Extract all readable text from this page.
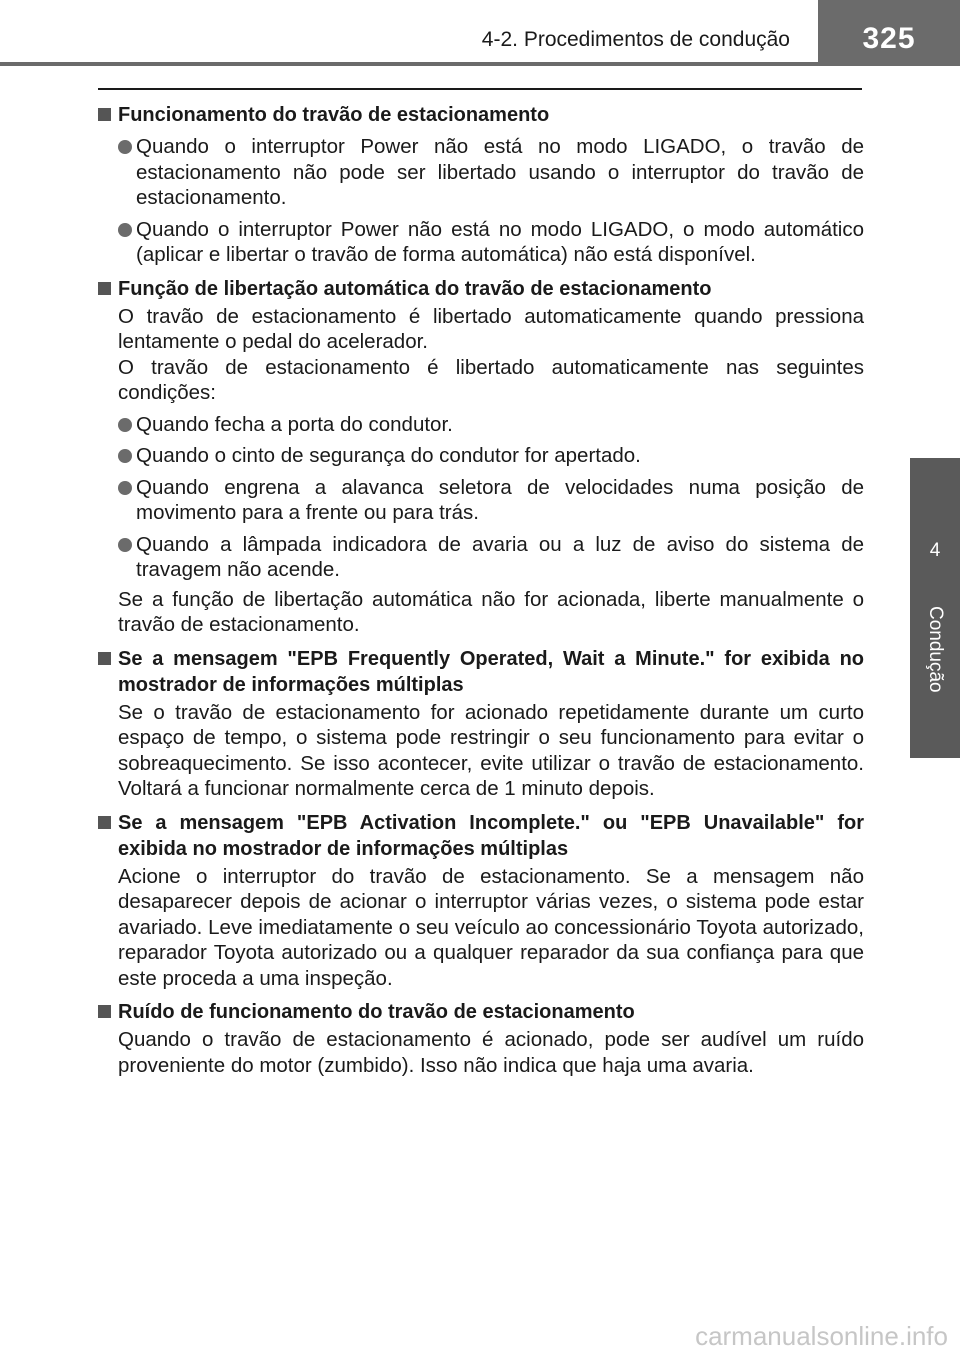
4-2. Procedimentos de condução	325
4
Condução

Funcionamento do travão de estacionamento

Quando o interruptor Power não está no modo LIGADO, o travão de estacionamento não pode ser libertado usando o interruptor do travão de estacionamento.

Quando o interruptor Power não está no modo LIGADO, o modo automático (aplicar e libertar o travão de forma automática) não está disponível.

Função de libertação automática do travão de estacionamento

O travão de estacionamento é libertado automaticamente quando pressiona lentamente o pedal do acelerador.

O travão de estacionamento é libertado automaticamente nas seguintes condições:

Quando fecha a porta do condutor.

Quando o cinto de segurança do condutor for apertado.

Quando engrena a alavanca seletora de velocidades numa posição de movimento para a frente ou para trás.

Quando a lâmpada indicadora de avaria ou a luz de aviso do sistema de travagem não acende.

Se a função de libertação automática não for acionada, liberte manualmente o travão de estacionamento.

Se a mensagem "EPB Frequently Operated, Wait a Minute." for exibida no mostrador de informações múltiplas

Se o travão de estacionamento for acionado repetidamente durante um curto espaço de tempo, o sistema pode restringir o seu funcionamento para evitar o sobreaquecimento. Se isso acontecer, evite utilizar o travão de estacionamento. Voltará a funcionar normalmente cerca de 1 minuto depois.

Se a mensagem "EPB Activation Incomplete." ou "EPB Unavailable" for exibida no mostrador de informações múltiplas

Acione o interruptor do travão de estacionamento. Se a mensagem não desaparecer depois de acionar o interruptor várias vezes, o sistema pode estar avariado. Leve imediatamente o seu veículo ao concessionário Toyota autorizado, reparador Toyota autorizado ou a qualquer reparador da sua confiança para que este proceda a uma inspeção.

Ruído de funcionamento do travão de estacionamento

Quando o travão de estacionamento é acionado, pode ser audível um ruído proveniente do motor (zumbido). Isso não indica que haja uma avaria.

carmanualsonline.info
